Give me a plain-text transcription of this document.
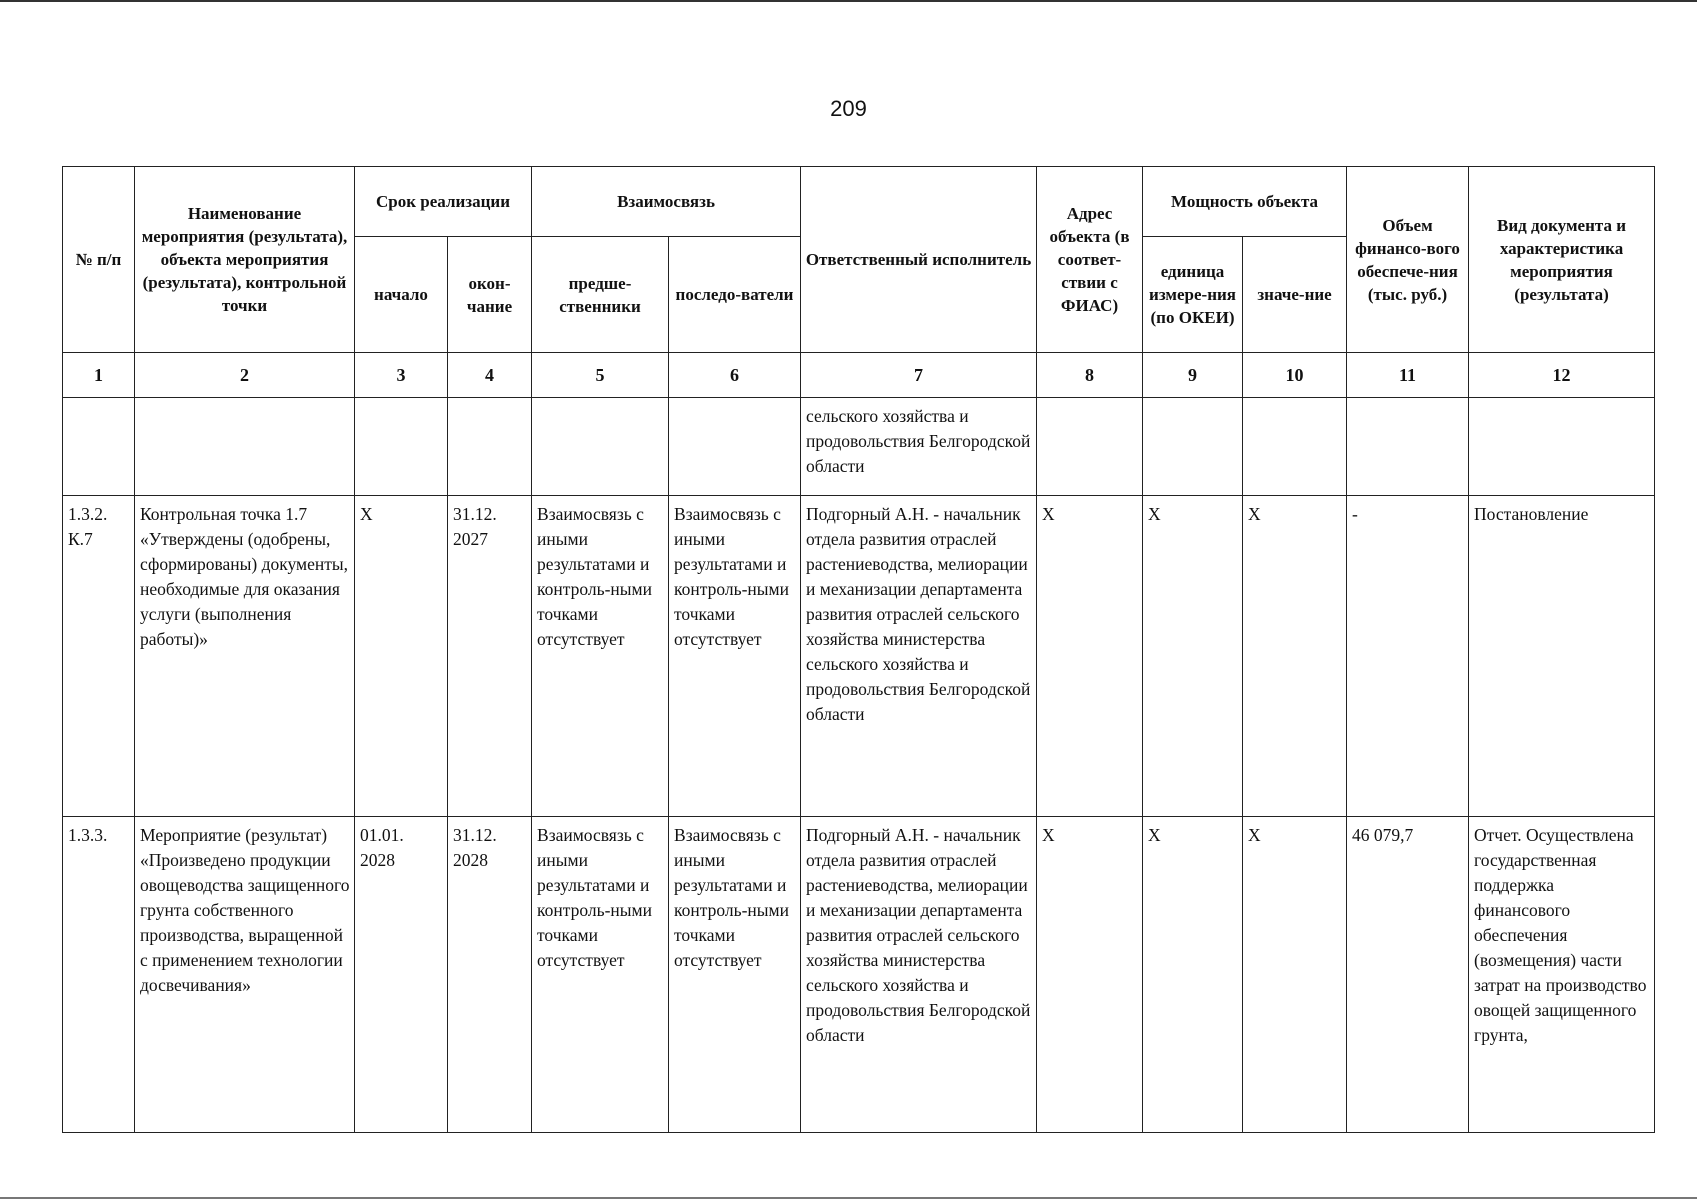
209
№ п/п	Наименование мероприятия (результата), объекта мероприятия (результата), контрольной точки	Срок реализации		Взаимосвязь		Ответственный исполнитель	Адрес объекта (в соответ-ствии с ФИАС)	Мощность объекта		Объем финансо-вого обеспече-ния (тыс. руб.)	Вид документа и характеристика мероприятия (результата)
		начало	окон-чание	предше-ственники	последо-ватели			единица измере-ния (по ОКЕИ)	значе-ние		
1	2	3	4	5	6	7	8	9	10	11	12
						сельского хозяйства и продовольствия Белгородской области					
1.3.2. К.7	Контрольная точка 1.7 «Утверждены (одобрены, сформированы) документы, необходимые для оказания услуги (выполнения работы)»	Х	31.12. 2027	Взаимосвязь с иными результатами и контроль-ными точками отсутствует	Взаимосвязь с иными результатами и контроль-ными точками отсутствует	Подгорный А.Н. - начальник отдела развития отраслей растениеводства, мелиорации и механизации департамента развития отраслей сельского хозяйства министерства сельского хозяйства и продовольствия Белгородской области	Х	Х	Х	-	Постановление
1.3.3.	Мероприятие (результат) «Произведено продукции овощеводства защищенного грунта собственного производства, выращенной с применением технологии досвечивания»	01.01. 2028	31.12. 2028	Взаимосвязь с иными результатами и контроль-ными точками отсутствует	Взаимосвязь с иными результатами и контроль-ными точками отсутствует	Подгорный А.Н. - начальник отдела развития отраслей растениеводства, мелиорации и механизации департамента развития отраслей сельского хозяйства министерства сельского хозяйства и продовольствия Белгородской области	Х	Х	Х	46 079,7	Отчет. Осуществлена государственная поддержка финансового обеспечения (возмещения) части затрат на производство овощей защищенного грунта,
